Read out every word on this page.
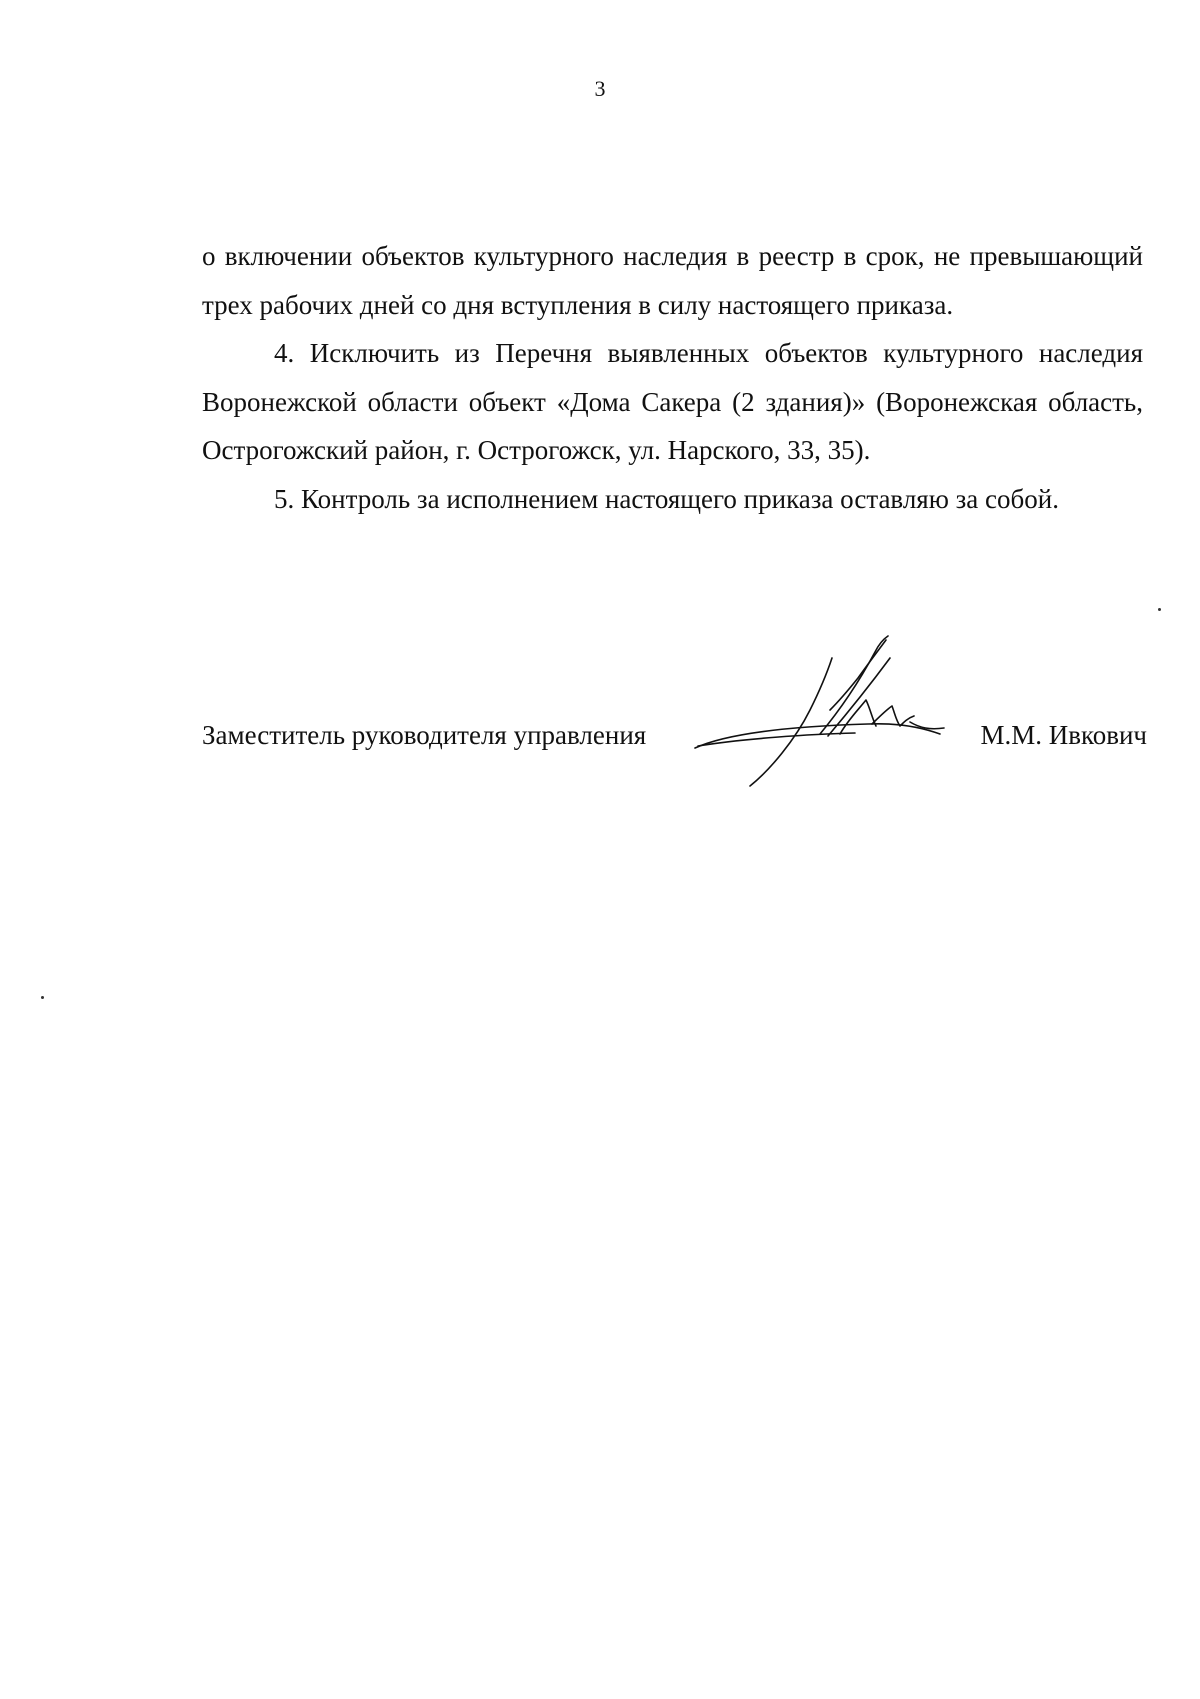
3

о включении объектов культурного наследия в реестр в срок, не превышающий трех рабочих дней со дня вступления в силу настоящего приказа.

4. Исключить из Перечня выявленных объектов культурного наследия Воронежской области объект «Дома Сакера (2 здания)» (Воронежская область, Острогожский район, г. Острогожск, ул. Нарского, 33, 35).

5. Контроль за исполнением настоящего приказа оставляю за собой.

Заместитель руководителя управления	М.М. Ивкович
